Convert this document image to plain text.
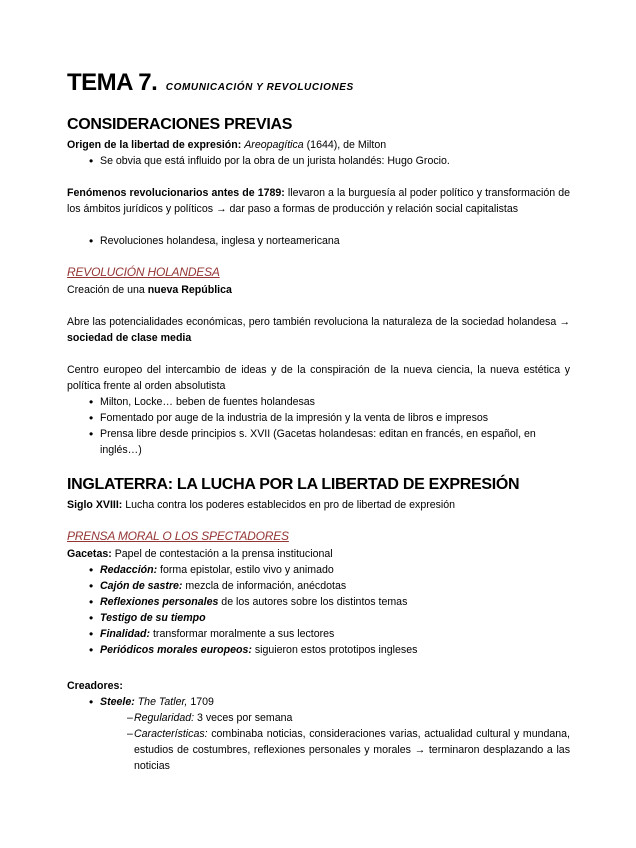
TEMA 7. COMUNICACIÓN Y REVOLUCIONES
CONSIDERACIONES PREVIAS
Origen de la libertad de expresión: Areopagítica (1644), de Milton
• Se obvia que está influido por la obra de un jurista holandés: Hugo Grocio.
Fenómenos revolucionarios antes de 1789: llevaron a la burguesía al poder político y transformación de los ámbitos jurídicos y políticos → dar paso a formas de producción y relación social capitalistas
• Revoluciones holandesa, inglesa y norteamericana
REVOLUCIÓN HOLANDESA
Creación de una nueva República
Abre las potencialidades económicas, pero también revoluciona la naturaleza de la sociedad holandesa → sociedad de clase media
Centro europeo del intercambio de ideas y de la conspiración de la nueva ciencia, la nueva estética y política frente al orden absolutista
• Milton, Locke… beben de fuentes holandesas
• Fomentado por auge de la industria de la impresión y la venta de libros e impresos
• Prensa libre desde principios s. XVII (Gacetas holandesas: editan en francés, en español, en inglés…)
INGLATERRA: LA LUCHA POR LA LIBERTAD DE EXPRESIÓN
Siglo XVIII: Lucha contra los poderes establecidos en pro de libertad de expresión
PRENSA MORAL O LOS SPECTADORES
Gacetas: Papel de contestación a la prensa institucional
• Redacción: forma epistolar, estilo vivo y animado
• Cajón de sastre: mezcla de información, anécdotas
• Reflexiones personales de los autores sobre los distintos temas
• Testigo de su tiempo
• Finalidad: transformar moralmente a sus lectores
• Periódicos morales europeos: siguieron estos prototipos ingleses
Creadores:
• Steele: The Tatler, 1709
– Regularidad: 3 veces por semana
– Características: combinaba noticias, consideraciones varias, actualidad cultural y mundana, estudios de costumbres, reflexiones personales y morales → terminaron desplazando a las noticias
